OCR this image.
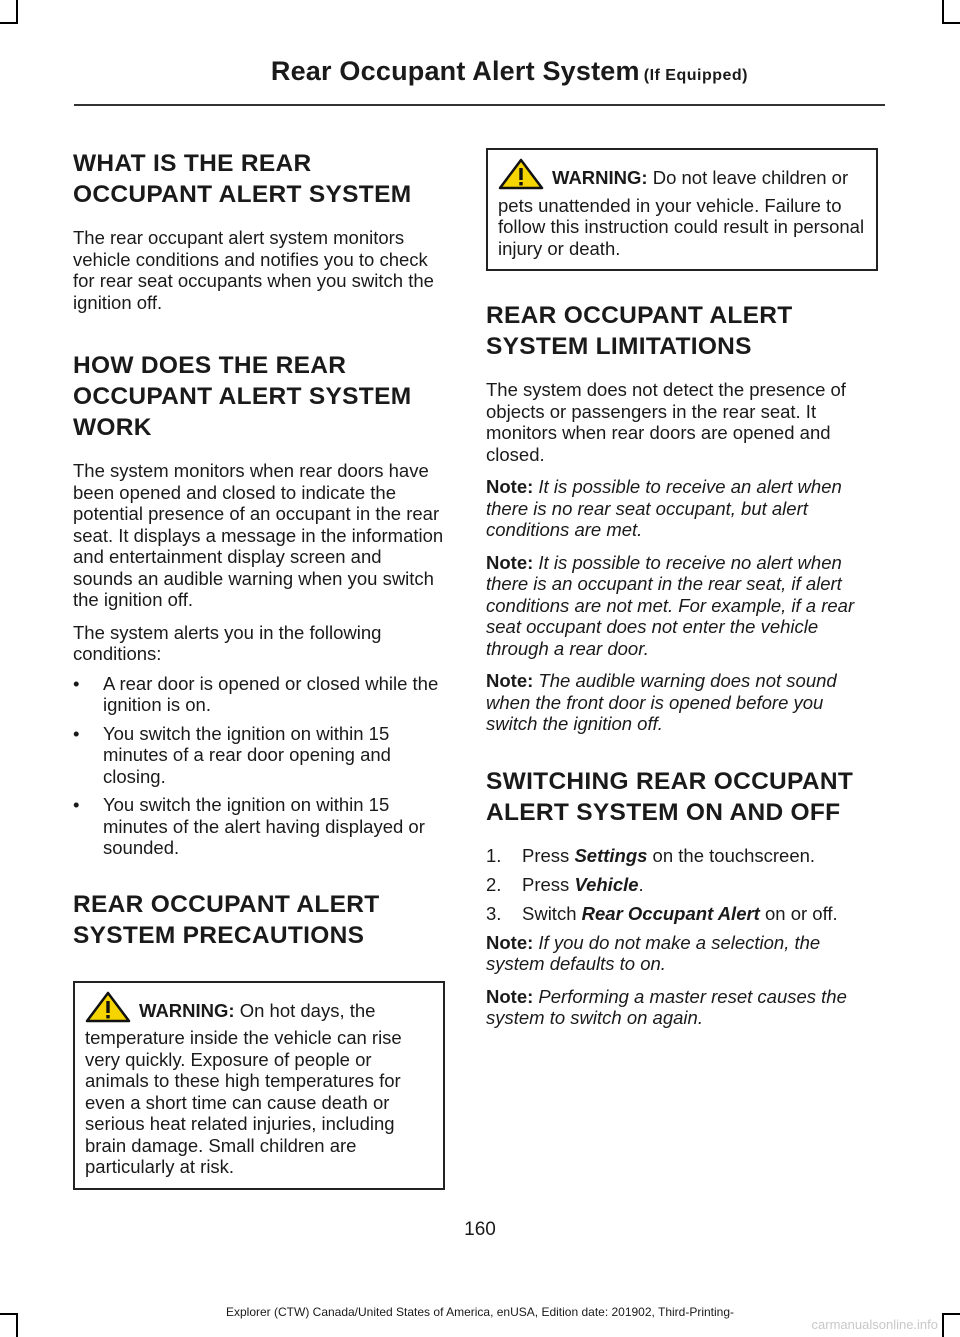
Rear Occupant Alert System (If Equipped)
WHAT IS THE REAR
OCCUPANT ALERT SYSTEM

The rear occupant alert system monitors vehicle conditions and notifies you to check for rear seat occupants when you switch the ignition off.

HOW DOES THE REAR
OCCUPANT ALERT SYSTEM
WORK

The system monitors when rear doors have been opened and closed to indicate the potential presence of an occupant in the rear seat. It displays a message in the information and entertainment display screen and sounds an audible warning when you switch the ignition off.

The system alerts you in the following conditions:

• A rear door is opened or closed while the ignition is on.
• You switch the ignition on within 15 minutes of a rear door opening and closing.
• You switch the ignition on within 15 minutes of the alert having displayed or sounded.
REAR OCCUPANT ALERT
SYSTEM PRECAUTIONS
WARNING: On hot days, the temperature inside the vehicle can rise very quickly. Exposure of people or animals to these high temperatures for even a short time can cause death or serious heat related injuries, including brain damage. Small children are particularly at risk.
WARNING: Do not leave children or pets unattended in your vehicle. Failure to follow this instruction could result in personal injury or death.
REAR OCCUPANT ALERT
SYSTEM LIMITATIONS

The system does not detect the presence of objects or passengers in the rear seat. It monitors when rear doors are opened and closed.

Note: It is possible to receive an alert when there is no rear seat occupant, but alert conditions are met.

Note: It is possible to receive no alert when there is an occupant in the rear seat, if alert conditions are not met. For example, if a rear seat occupant does not enter the vehicle through a rear door.

Note: The audible warning does not sound when the front door is opened before you switch the ignition off.

SWITCHING REAR OCCUPANT
ALERT SYSTEM ON AND OFF
1. Press Settings on the touchscreen.
2. Press Vehicle.
3. Switch Rear Occupant Alert on or off.

Note: If you do not make a selection, the system defaults to on.

Note: Performing a master reset causes the system to switch on again.

160
Explorer (CTW) Canada/United States of America, enUSA, Edition date: 201902, Third-Printing-
carmanualsonline.info
